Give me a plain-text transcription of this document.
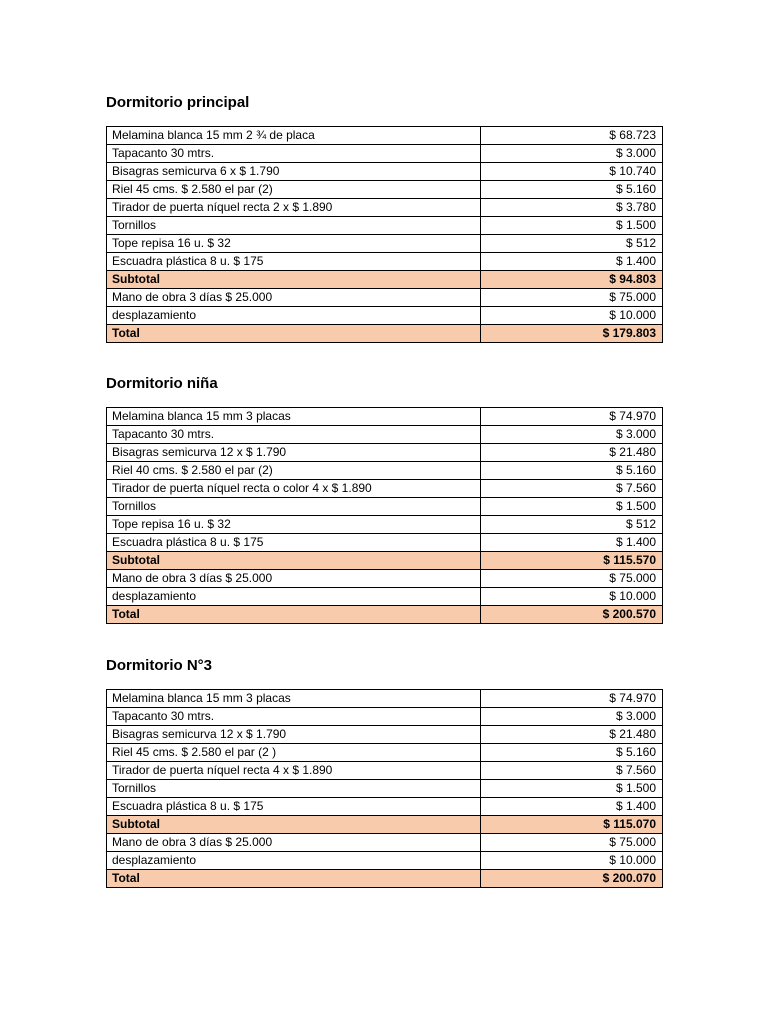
Dormitorio principal
Melamina blanca 15 mm 2 ¾ de placa	$ 68.723
Tapacanto 30 mtrs.	$ 3.000
Bisagras semicurva 6 x $ 1.790	$ 10.740
Riel 45 cms. $ 2.580 el par (2)	$ 5.160
Tirador de puerta níquel recta 2 x $ 1.890	$ 3.780
Tornillos	$ 1.500
Tope repisa 16 u. $ 32	$ 512
Escuadra plástica 8 u. $ 175	$ 1.400
Subtotal	$ 94.803
Mano de obra 3 días $ 25.000	$ 75.000
desplazamiento	$ 10.000
Total	$ 179.803
Dormitorio niña
Melamina blanca 15 mm 3 placas	$ 74.970
Tapacanto 30 mtrs.	$ 3.000
Bisagras semicurva 12 x $ 1.790	$ 21.480
Riel 40 cms. $ 2.580 el par (2)	$ 5.160
Tirador de puerta níquel recta o color 4 x $ 1.890	$ 7.560
Tornillos	$ 1.500
Tope repisa 16 u. $ 32	$ 512
Escuadra plástica 8 u. $ 175	$ 1.400
Subtotal	$ 115.570
Mano de obra 3 días $ 25.000	$ 75.000
desplazamiento	$ 10.000
Total	$ 200.570
Dormitorio N°3
Melamina blanca 15 mm 3 placas	$ 74.970
Tapacanto 30 mtrs.	$ 3.000
Bisagras semicurva 12 x $ 1.790	$ 21.480
Riel 45 cms. $ 2.580 el par (2 )	$ 5.160
Tirador de puerta níquel recta 4 x $ 1.890	$ 7.560
Tornillos	$ 1.500
Escuadra plástica 8 u. $ 175	$ 1.400
Subtotal	$ 115.070
Mano de obra 3 días $ 25.000	$ 75.000
desplazamiento	$ 10.000
Total	$ 200.070
